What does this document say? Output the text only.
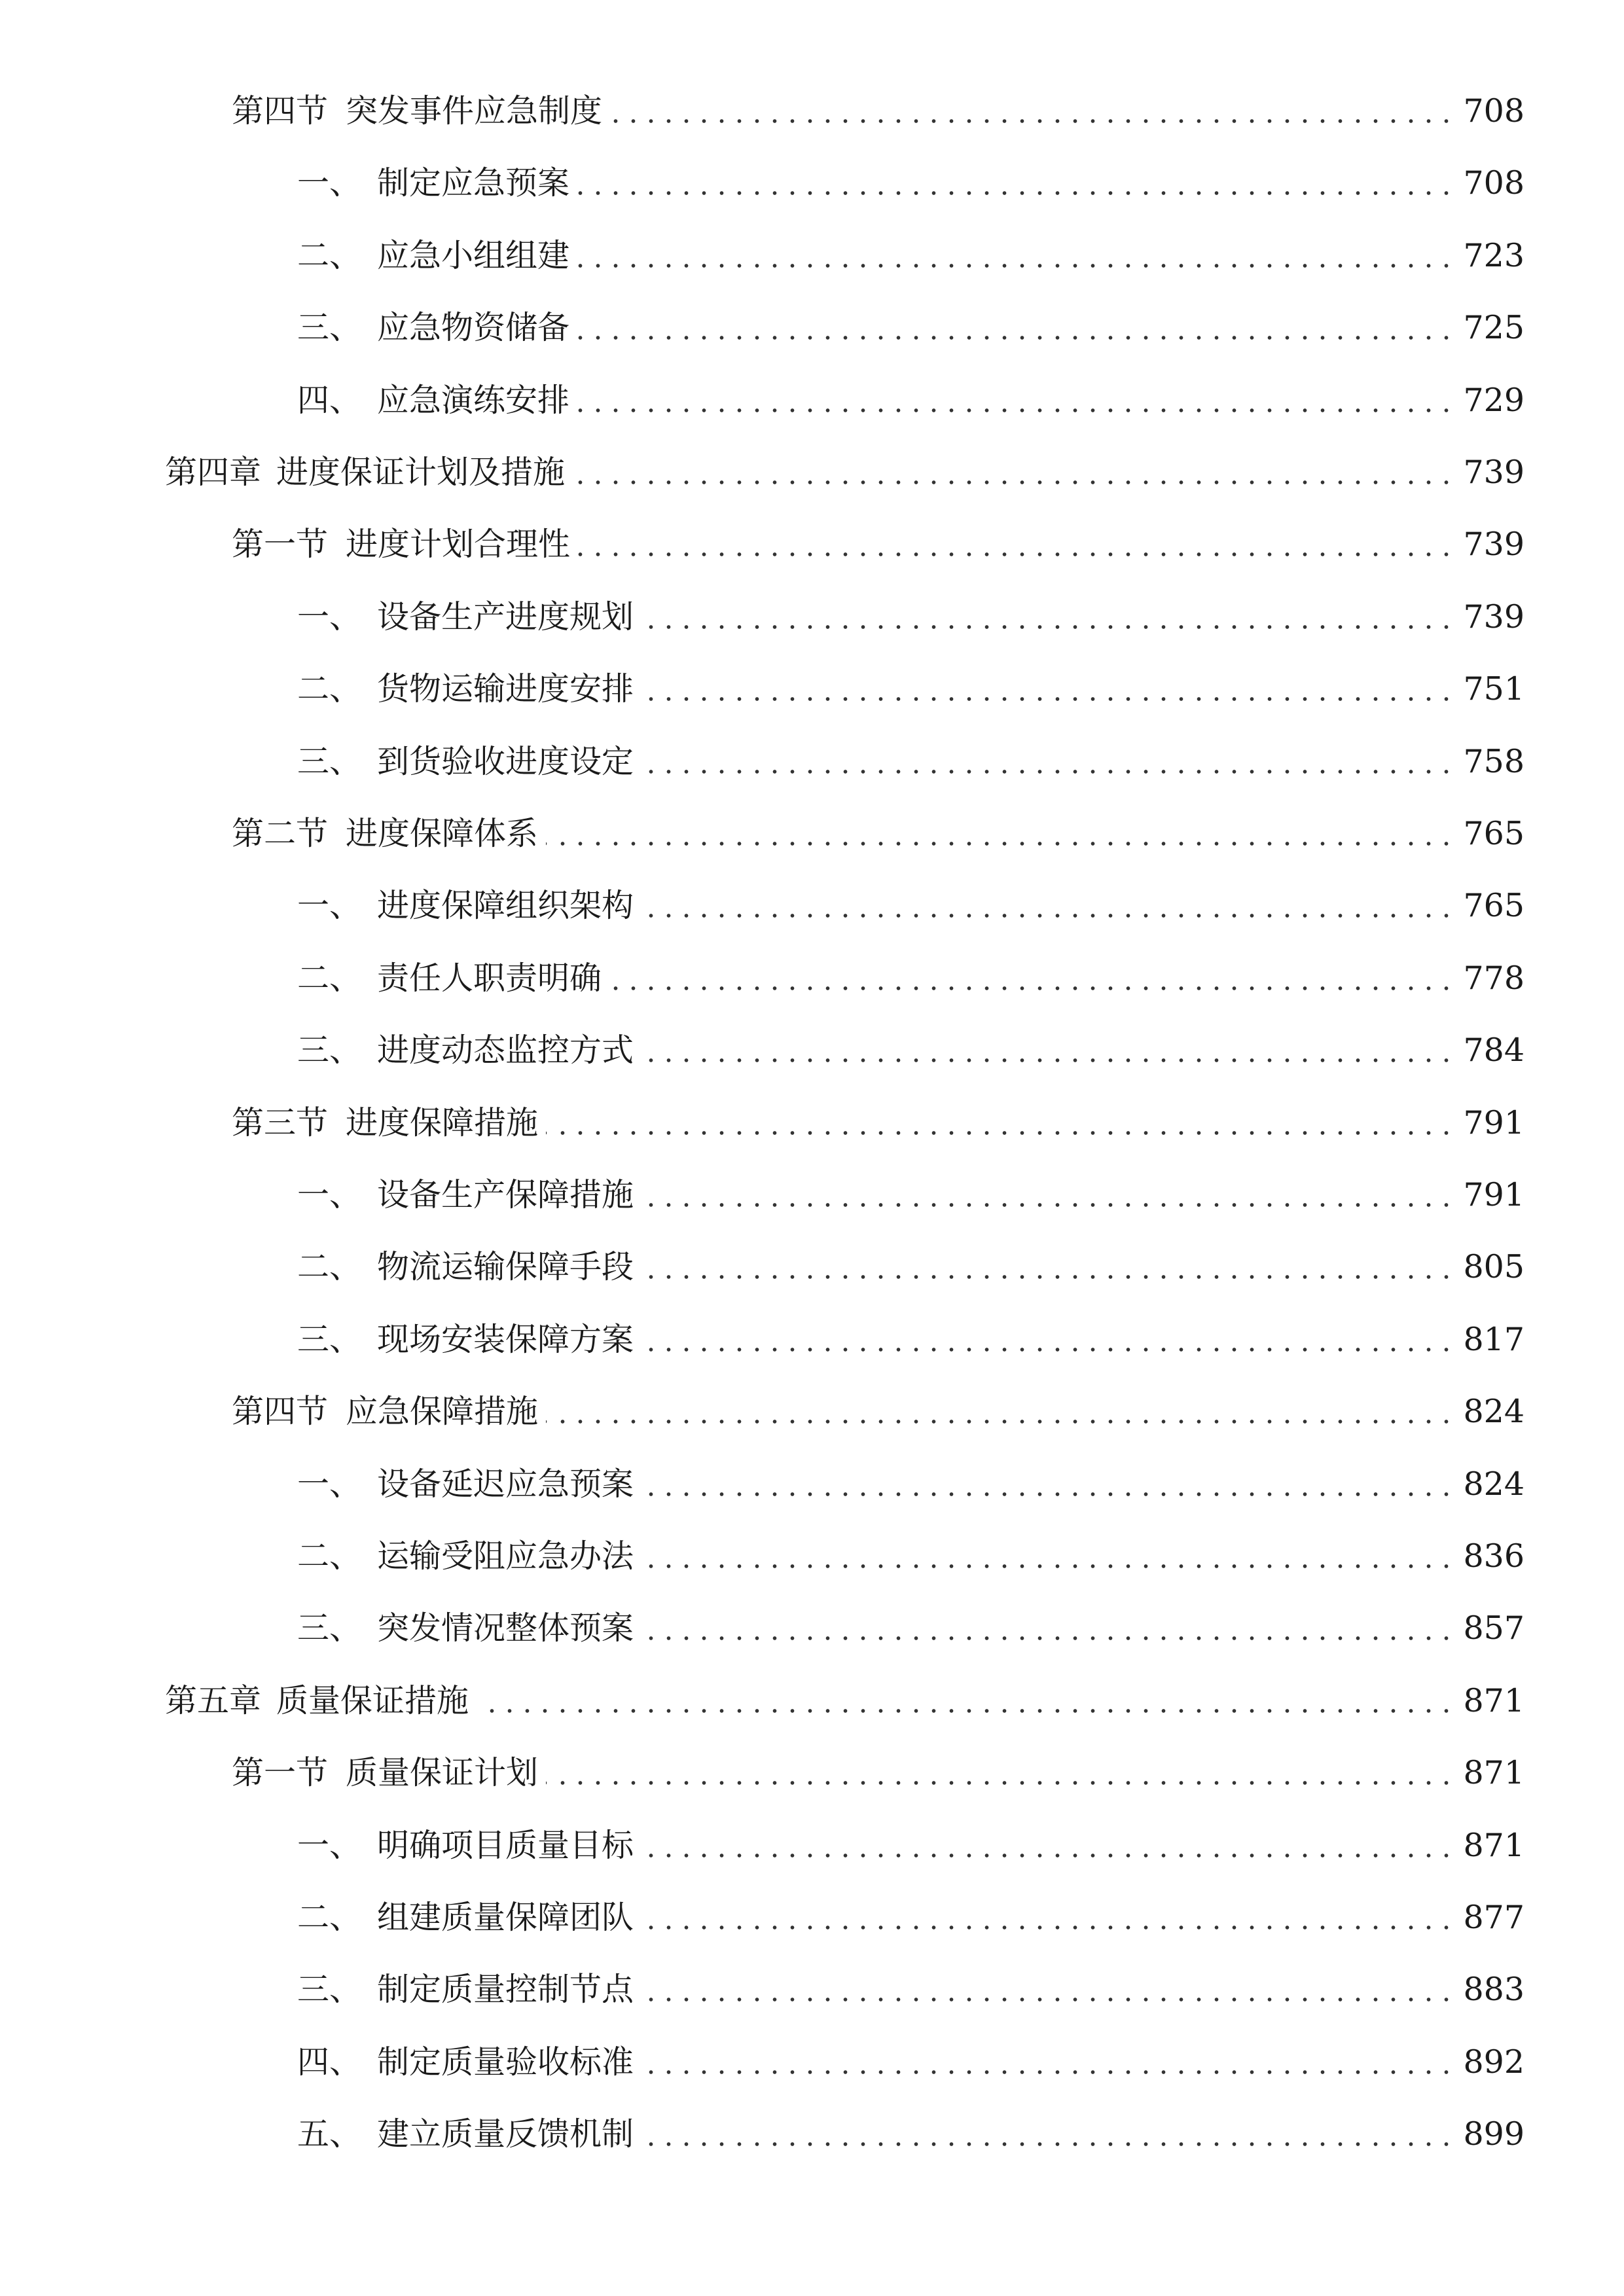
第四节 突发事件应急制度	708
一、 制定应急预案	708
二、 应急小组组建	723
三、 应急物资储备	725
四、 应急演练安排	729
第四章 进度保证计划及措施	739
第一节 进度计划合理性	739
一、 设备生产进度规划	739
二、 货物运输进度安排	751
三、 到货验收进度设定	758
第二节 进度保障体系	765
一、 进度保障组织架构	765
二、 责任人职责明确	778
三、 进度动态监控方式	784
第三节 进度保障措施	791
一、 设备生产保障措施	791
二、 物流运输保障手段	805
三、 现场安装保障方案	817
第四节 应急保障措施	824
一、 设备延迟应急预案	824
二、 运输受阻应急办法	836
三、 突发情况整体预案	857
第五章 质量保证措施	871
第一节 质量保证计划	871
一、 明确项目质量目标	871
二、 组建质量保障团队	877
三、 制定质量控制节点	883
四、 制定质量验收标准	892
五、 建立质量反馈机制	899
